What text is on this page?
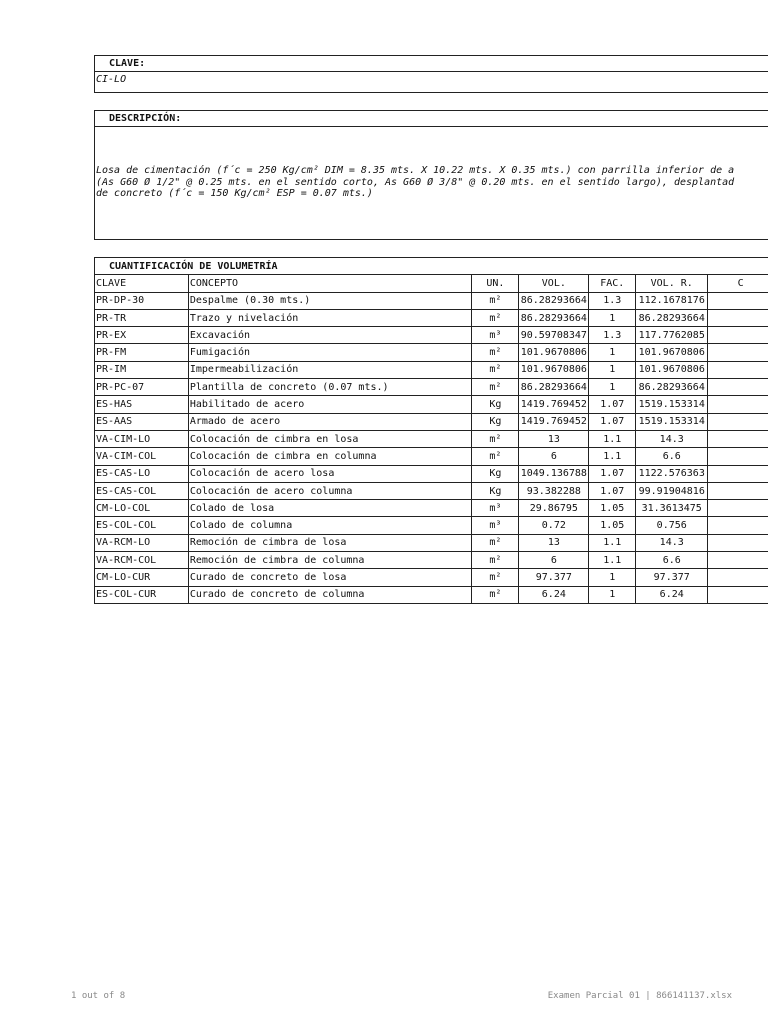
CLAVE:
CI-LO
DESCRIPCIÓN:
Losa de cimentación (f´c = 250 Kg/cm² DIM = 8.35 mts. X 10.22 mts. X 0.35 mts.) con parrilla inferior de a
(As G60 Ø 1/2" @ 0.25 mts. en el sentido corto, As G60 Ø 3/8" @ 0.20 mts. en el sentido largo), desplantad
de concreto (f´c = 150 Kg/cm² ESP = 0.07 mts.)
CUANTIFICACIÓN DE VOLUMETRÍA						
CLAVE	CONCEPTO	UN.	VOL.	FAC.	VOL. R.	C
PR-DP-30	Despalme (0.30 mts.)	m²	86.28293664	1.3	112.1678176	
PR-TR	Trazo y nivelación	m²	86.28293664	1	86.28293664	
PR-EX	Excavación	m³	90.59708347	1.3	117.7762085	
PR-FM	Fumigación	m²	101.9670806	1	101.9670806	
PR-IM	Impermeabilización	m²	101.9670806	1	101.9670806	
PR-PC-07	Plantilla de concreto (0.07 mts.)	m²	86.28293664	1	86.28293664	
ES-HAS	Habilitado de acero	Kg	1419.769452	1.07	1519.153314	
ES-AAS	Armado de acero	Kg	1419.769452	1.07	1519.153314	
VA-CIM-LO	Colocación de cimbra en losa	m²	13	1.1	14.3	
VA-CIM-COL	Colocación de cimbra en columna	m²	6	1.1	6.6	
ES-CAS-LO	Colocación de acero losa	Kg	1049.136788	1.07	1122.576363	
ES-CAS-COL	Colocación de acero columna	Kg	93.382288	1.07	99.91904816	
CM-LO-COL	Colado de losa	m³	29.86795	1.05	31.3613475	
ES-COL-COL	Colado de columna	m³	0.72	1.05	0.756	
VA-RCM-LO	Remoción de cimbra de losa	m²	13	1.1	14.3	
VA-RCM-COL	Remoción de cimbra de columna	m²	6	1.1	6.6	
CM-LO-CUR	Curado de concreto de losa	m²	97.377	1	97.377	
ES-COL-CUR	Curado de concreto de columna	m²	6.24	1	6.24	
1 out of 8	Examen Parcial 01 | 866141137.xlsx
